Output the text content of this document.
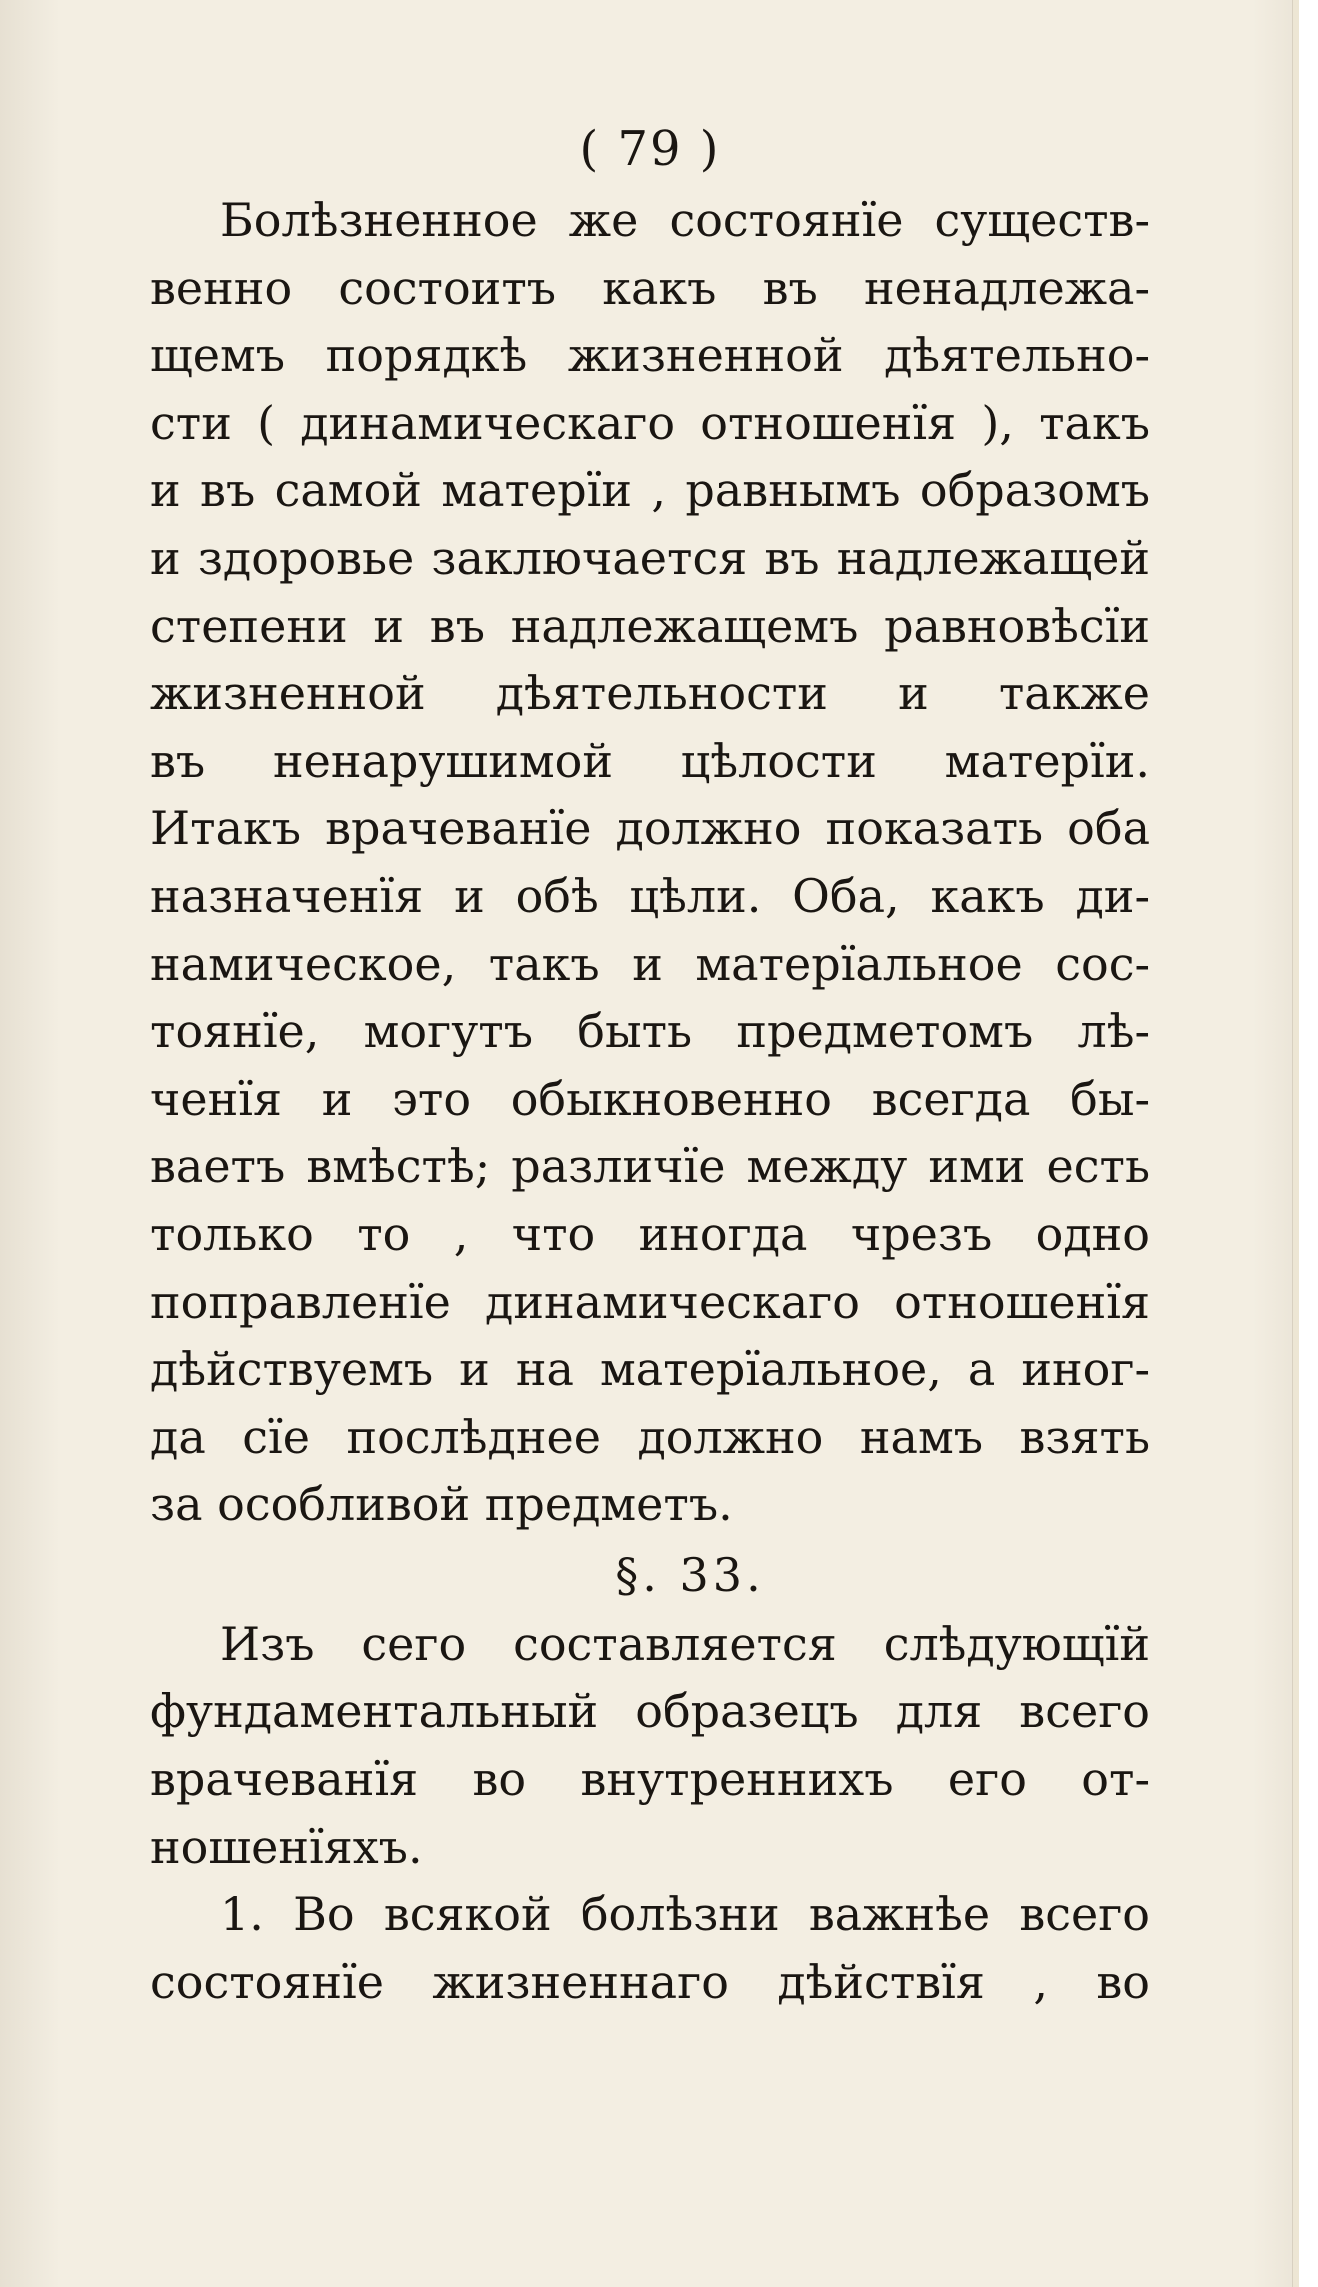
( 79 )
Болѣзненное же состоянїе существ-
венно состоитъ какъ въ ненадлежа-
щемъ порядкѣ жизненной дѣятельно-
сти ( динамическаго отношенїя ), такъ
и въ самой матерїи , равнымъ образомъ
и здоровье заключается въ надлежащей
степени и въ надлежащемъ равновѣсїи
жизненной дѣятельности и также
въ ненарушимой цѣлости матерїи.
Итакъ врачеванїе должно показать оба
назначенїя и обѣ цѣли. Оба, какъ ди-
намическое, такъ и матерїальное сос-
тоянїе, могутъ быть предметомъ лѣ-
ченїя и это обыкновенно всегда бы-
ваетъ вмѣстѣ; различїе между ими есть
только то , что иногда чрезъ одно
поправленїе динамическаго отношенїя
дѣйствуемъ и на матерїальное, а иног-
да сїе послѣднее должно намъ взять
за особливой предметъ.
§. 33.
Изъ сего составляется слѣдующїй
фундаментальный образецъ для всего
врачеванїя во внутреннихъ его от-
ношенїяхъ.
1. Во всякой болѣзни важнѣе всего
состоянїе жизненнаго дѣйствїя , во
